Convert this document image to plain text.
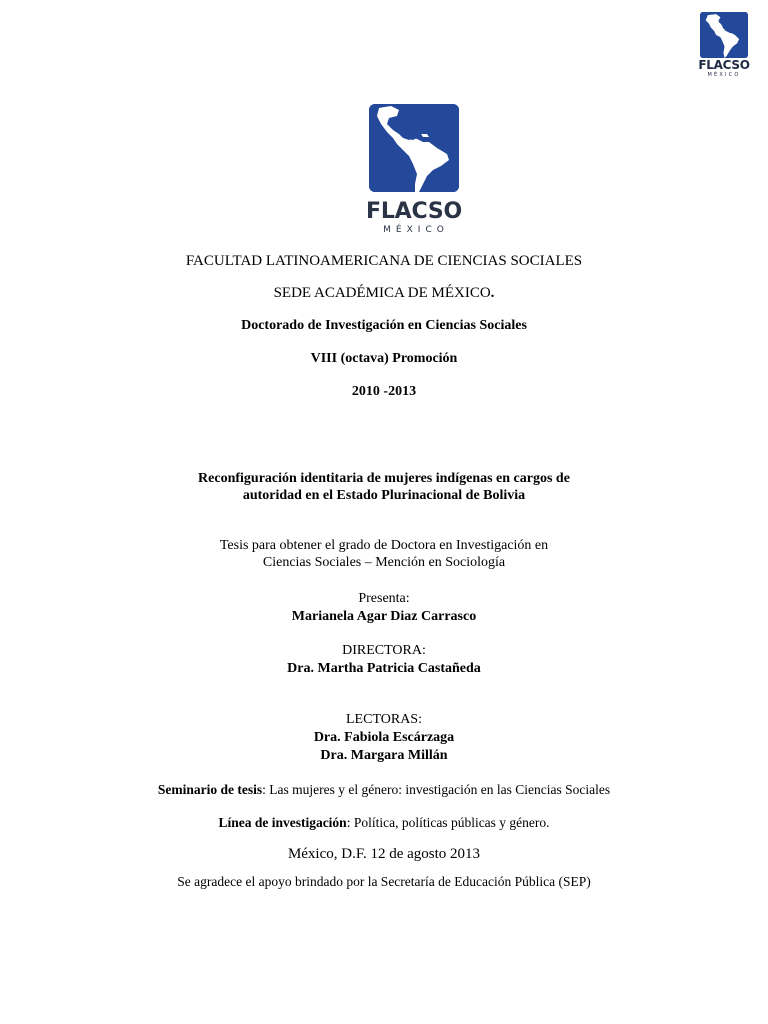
FLACSO
MÉXICO
FLACSO
MÉXICO
FACULTAD LATINOAMERICANA DE CIENCIAS SOCIALES
SEDE ACADÉMICA DE MÉXICO.
Doctorado de Investigación en Ciencias Sociales
VIII (octava) Promoción
2010 -2013
Reconfiguración identitaria de mujeres indígenas en cargos de
autoridad en el Estado Plurinacional de Bolivia
Tesis para obtener el grado de Doctora en Investigación en
Ciencias Sociales – Mención en Sociología
Presenta:
Marianela Agar Diaz Carrasco
DIRECTORA:
Dra. Martha Patricia Castañeda
LECTORAS:
Dra. Fabiola Escárzaga
Dra. Margara Millán
Seminario de tesis: Las mujeres y el género: investigación en las Ciencias Sociales
Línea de investigación: Política, políticas públicas y género.
México, D.F. 12 de agosto 2013
Se agradece el apoyo brindado por la Secretaría de Educación Pública (SEP)
